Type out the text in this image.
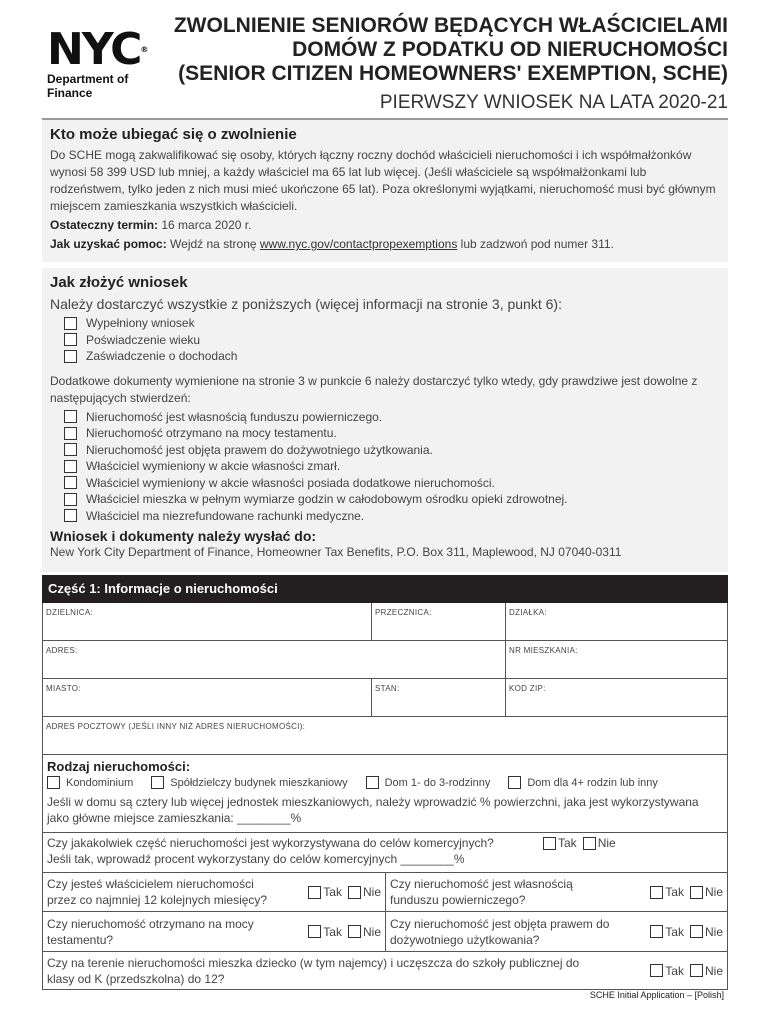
NYC®
Department of Finance
ZWOLNIENIE SENIORÓW BĘDĄCYCH WŁAŚCICIELAMI
DOMÓW Z PODATKU OD NIERUCHOMOŚCI
(SENIOR CITIZEN HOMEOWNERS' EXEMPTION, SCHE)
PIERWSZY WNIOSEK NA LATA 2020-21
Kto może ubiegać się o zwolnienie

Do SCHE mogą zakwalifikować się osoby, których łączny roczny dochód właścicieli nieruchomości i ich współmałżonków wynosi 58 399 USD lub mniej, a każdy właściciel ma 65 lat lub więcej. (Jeśli właściciele są współmałżonkami lub rodzeństwem, tylko jeden z nich musi mieć ukończone 65 lat). Poza określonymi wyjątkami, nieruchomość musi być głównym miejscem zamieszkania wszystkich właścicieli.

Ostateczny termin: 16 marca 2020 r.

Jak uzyskać pomoc: Wejdź na stronę www.nyc.gov/contactpropexemptions lub zadzwoń pod numer 311.

Jak złożyć wniosek

Należy dostarczyć wszystkie z poniższych (więcej informacji na stronie 3, punkt 6):

Wypełniony wniosek
Poświadczenie wieku
Zaświadczenie o dochodach

Dodatkowe dokumenty wymienione na stronie 3 w punkcie 6 należy dostarczyć tylko wtedy, gdy prawdziwe jest dowolne z następujących stwierdzeń:

Nieruchomość jest własnością funduszu powierniczego.
Nieruchomość otrzymano na mocy testamentu.
Nieruchomość jest objęta prawem do dożywotniego użytkowania.
Właściciel wymieniony w akcie własności zmarł.
Właściciel wymieniony w akcie własności posiada dodatkowe nieruchomości.
Właściciel mieszka w pełnym wymiarze godzin w całodobowym ośrodku opieki zdrowotnej.
Właściciel ma niezrefundowane rachunki medyczne.
Wniosek i dokumenty należy wysłać do:

New York City Department of Finance, Homeowner Tax Benefits, P.O. Box 311, Maplewood, NJ 07040-0311

Część 1: Informacje o nieruchomości
DZIELNICA:	PRZECZNICA:	DZIAŁKA:
ADRES:	NR MIESZKANIA:
MIASTO:	STAN:	KOD ZIP:
ADRES POCZTOWY (JEŚLI INNY NIŻ ADRES NIERUCHOMOŚCI):
Rodzaj nieruchomości:
Kondominium	Spółdzielczy budynek mieszkaniowy	Dom 1- do 3-rodzinny	Dom dla 4+ rodzin lub inny
Jeśli w domu są cztery lub więcej jednostek mieszkaniowych, należy wprowadzić % powierzchni, jaka jest wykorzystywana jako główne miejsce zamieszkania: ________%
Czy jakakolwiek część nieruchomości jest wykorzystywana do celów komercyjnych?
Jeśli tak, wprowadź procent wykorzystany do celów komercyjnych ________%
Tak Nie
Czy jesteś właścicielem nieruchomości przez co najmniej 12 kolejnych miesięcy?
Tak Nie
Czy nieruchomość jest własnością funduszu powierniczego?
Tak Nie
Czy nieruchomość otrzymano na mocy testamentu?
Tak Nie
Czy nieruchomość jest objęta prawem do dożywotniego użytkowania?
Tak Nie
Czy na terenie nieruchomości mieszka dziecko (w tym najemcy) i uczęszcza do szkoły publicznej do klasy od K (przedszkolna) do 12?
Tak Nie
SCHE Initial Application – [Polish]
